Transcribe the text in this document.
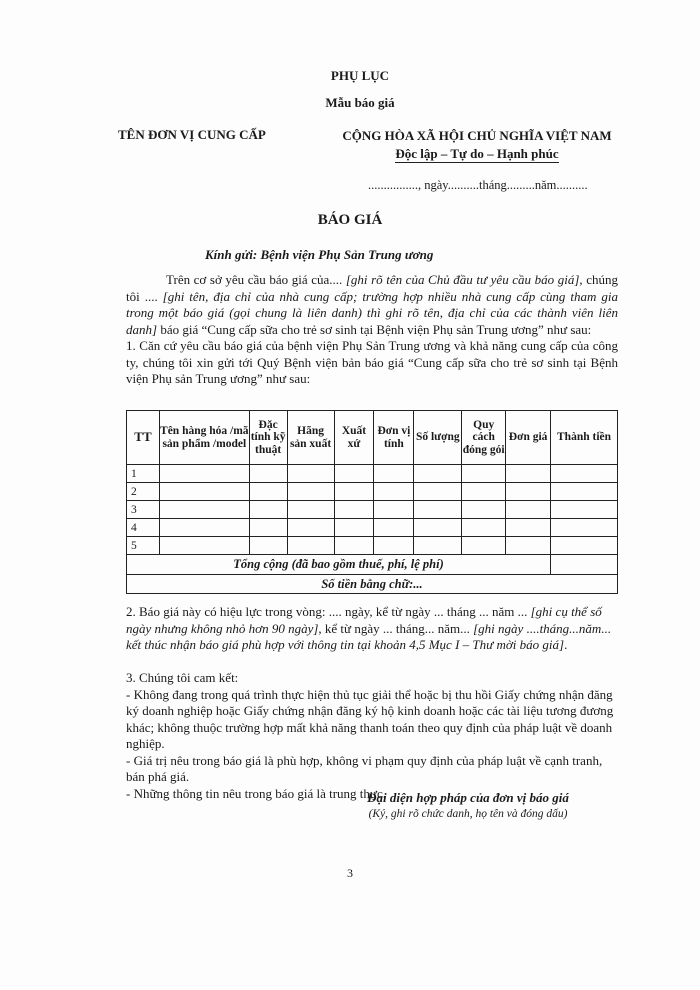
PHỤ LỤC
Mẫu báo giá
TÊN ĐƠN VỊ CUNG CẤP	CỘNG HÒA XÃ HỘI CHỦ NGHĨA VIỆT NAM
Độc lập – Tự do – Hạnh phúc
................, ngày..........tháng.........năm..........
BÁO GIÁ
Kính gửi: Bệnh viện Phụ Sản Trung ương

Trên cơ sở yêu cầu báo giá của.... [ghi rõ tên của Chủ đầu tư yêu cầu báo giá], chúng tôi .... [ghi tên, địa chỉ của nhà cung cấp; trường hợp nhiều nhà cung cấp cùng tham gia trong một báo giá (gọi chung là liên danh) thì ghi rõ tên, địa chỉ của các thành viên liên danh] báo giá “Cung cấp sữa cho trẻ sơ sinh tại Bệnh viện Phụ sản Trung ương” như sau:

1. Căn cứ yêu cầu báo giá của bệnh viện Phụ Sản Trung ương và khả năng cung cấp của công ty, chúng tôi xin gửi tới Quý Bệnh viện bản báo giá “Cung cấp sữa cho trẻ sơ sinh tại Bệnh viện Phụ sản Trung ương” như sau:

TT	Tên hàng hóa /mã sản phẩm /model	Đặc tính kỹ thuật	Hãng sản xuất	Xuất xứ	Đơn vị tính	Số lượng	Quy cách đóng gói	Đơn giá	Thành tiền
1									
2									
3									
4									
5									
Tổng cộng (đã bao gồm thuế, phí, lệ phí)									
Số tiền bằng chữ:...									
2. Báo giá này có hiệu lực trong vòng: .... ngày, kể từ ngày ... tháng ... năm ... [ghi cụ thể số ngày nhưng không nhỏ hơn 90 ngày], kể từ ngày ... tháng... năm... [ghi ngày ....tháng...năm... kết thúc nhận báo giá phù hợp với thông tin tại khoản 4,5 Mục I – Thư mời báo giá].

3. Chúng tôi cam kết:

- Không đang trong quá trình thực hiện thủ tục giải thể hoặc bị thu hồi Giấy chứng nhận đăng ký doanh nghiệp hoặc Giấy chứng nhận đăng ký hộ kinh doanh hoặc các tài liệu tương đương khác; không thuộc trường hợp mất khả năng thanh toán theo quy định của pháp luật về doanh nghiệp.

- Giá trị nêu trong báo giá là phù hợp, không vi phạm quy định của pháp luật về cạnh tranh, bán phá giá.

- Những thông tin nêu trong báo giá là trung thực.

Đại diện hợp pháp của đơn vị báo giá
(Ký, ghi rõ chức danh, họ tên và đóng dấu)
3
